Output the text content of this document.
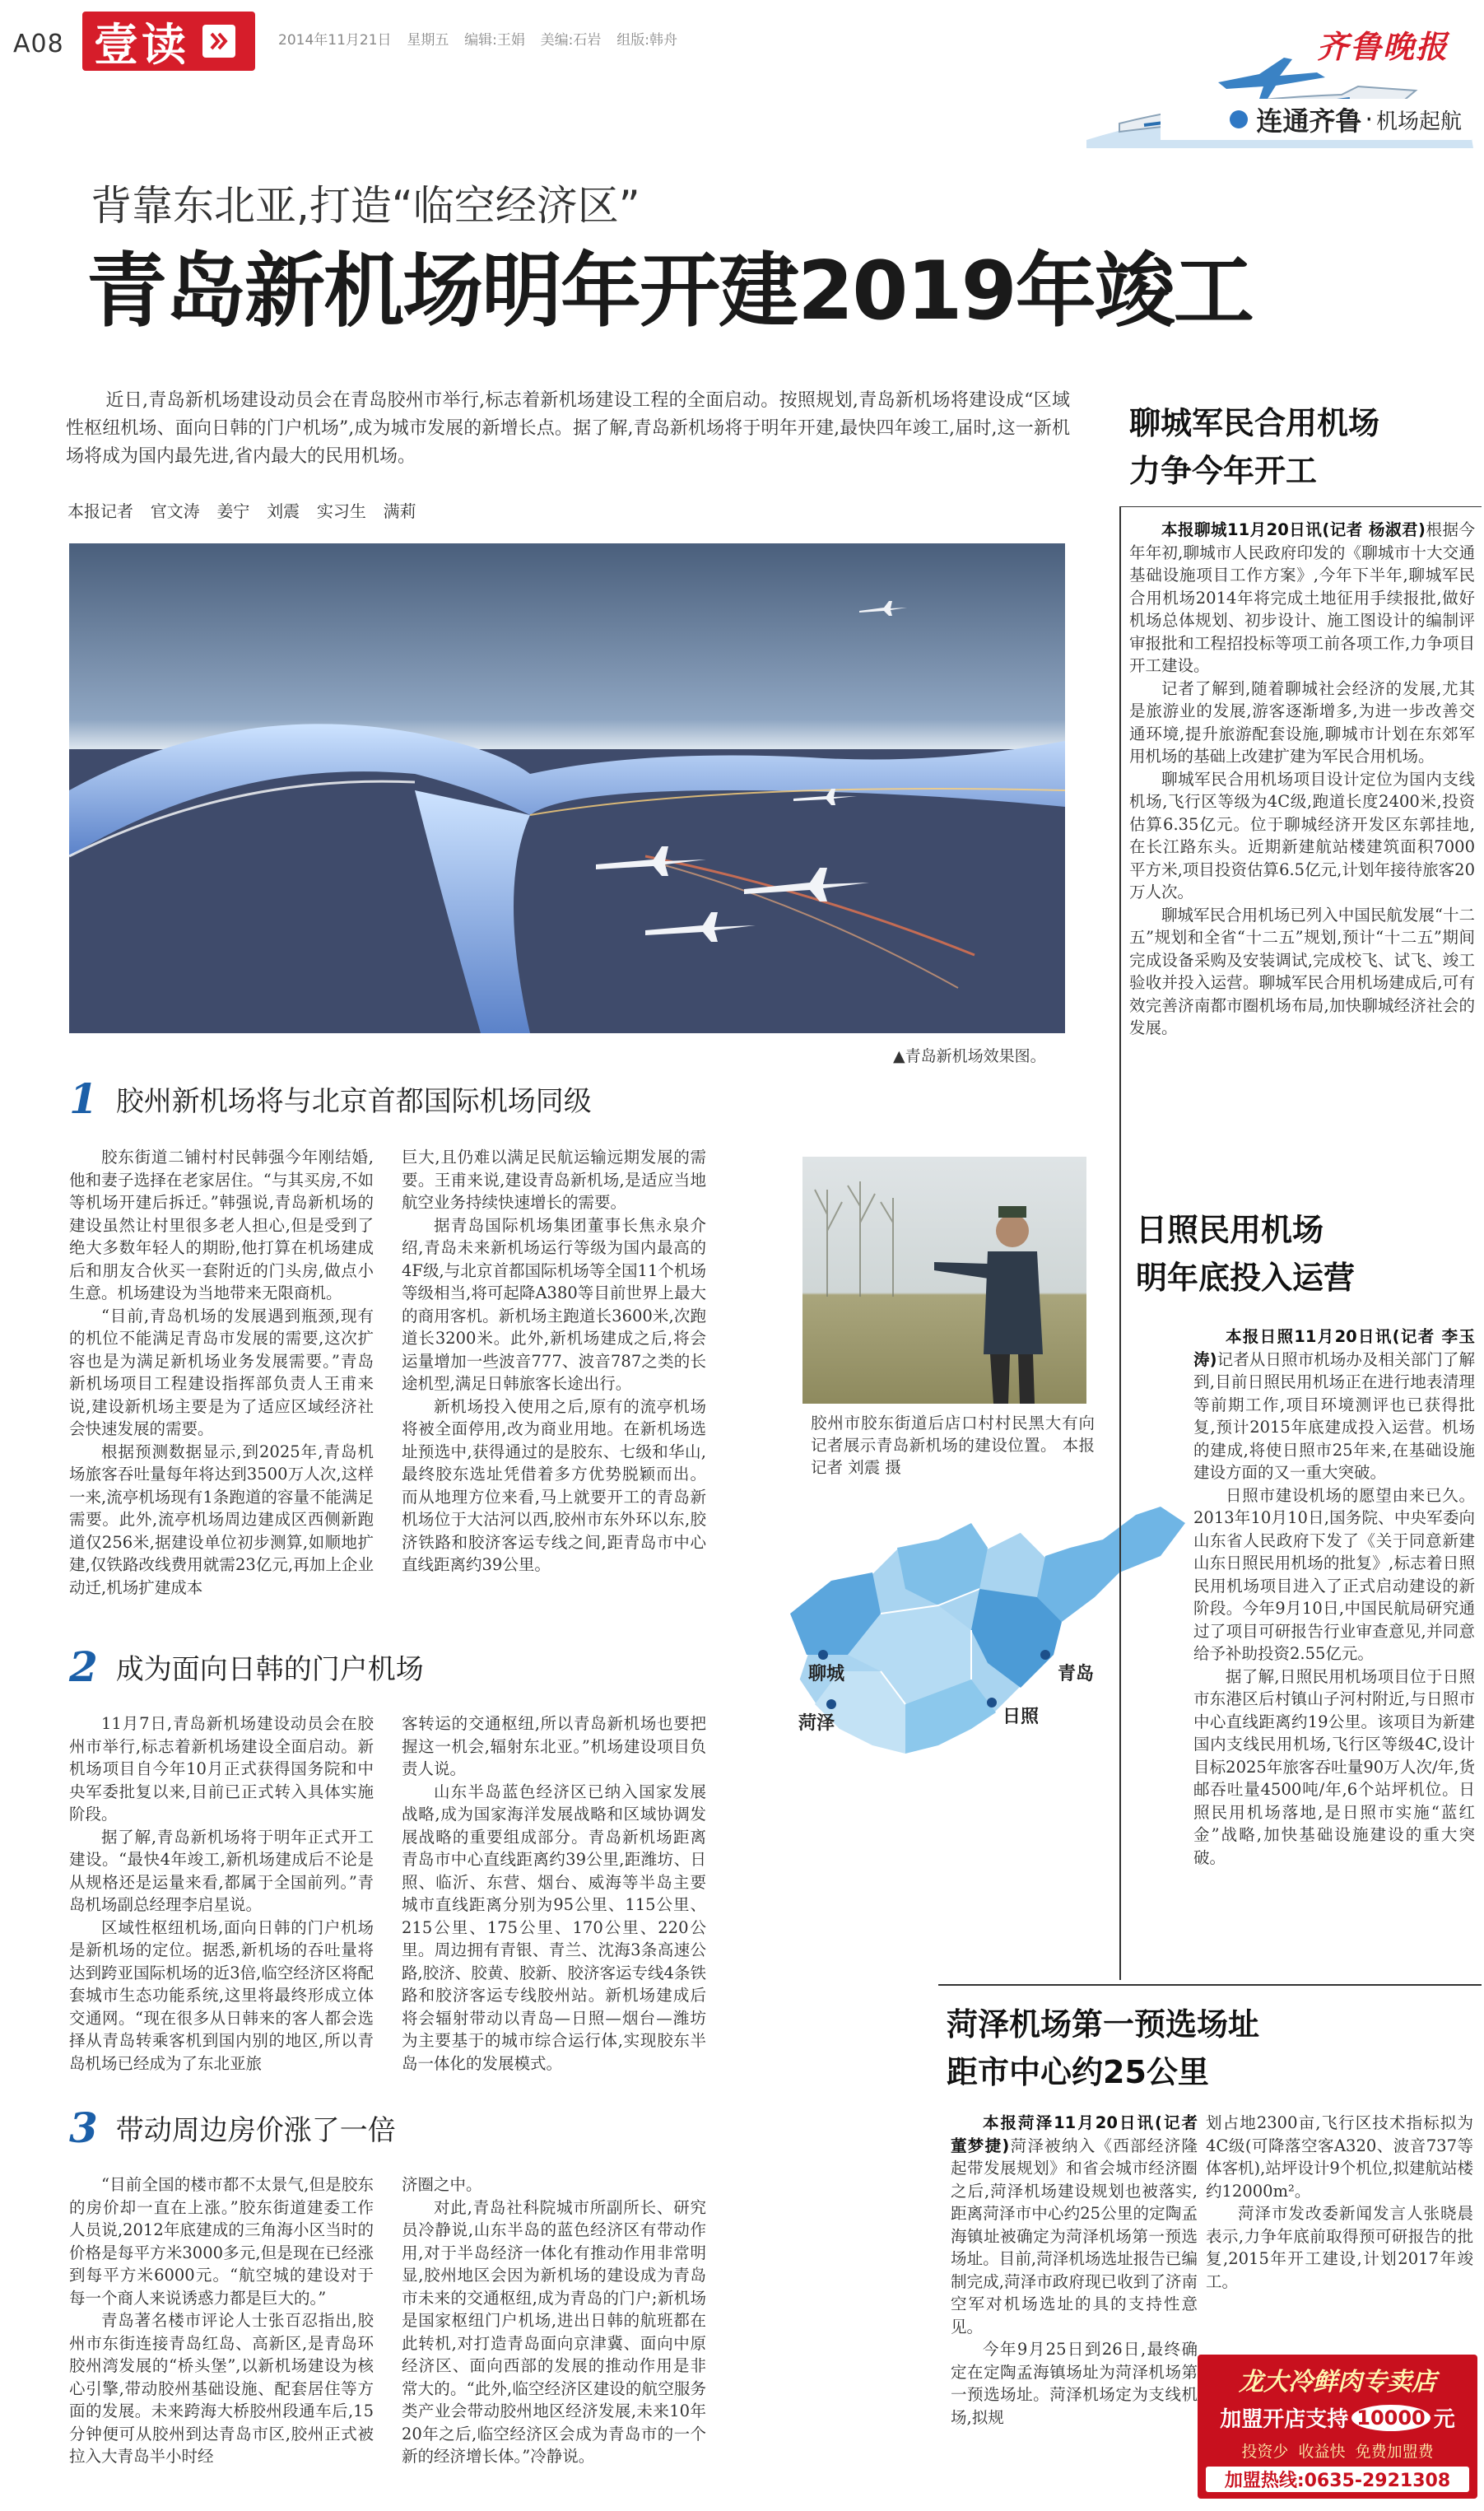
A08 壹读	2014年11月21日  星期五  编辑:王娟  美编:石岩  组版:韩舟	齐鲁晚报
连通齐鲁 · 机场起航
背靠东北亚,打造“临空经济区”
青岛新机场明年开建2019年竣工
近日,青岛新机场建设动员会在青岛胶州市举行,标志着新机场建设工程的全面启动。按照规划,青岛新机场将建设成“区域性枢纽机场、面向日韩的门户机场”,成为城市发展的新增长点。据了解,青岛新机场将于明年开建,最快四年竣工,届时,这一新机场将成为国内最先进,省内最大的民用机场。
本报记者  官文涛  姜宁  刘震  实习生  满莉
▲青岛新机场效果图。
1 胶州新机场将与北京首都国际机场同级

胶东街道二铺村村民韩强今年刚结婚,他和妻子选择在老家居住。“与其买房,不如等机场开建后拆迁。”韩强说,青岛新机场的建设虽然让村里很多老人担心,但是受到了绝大多数年轻人的期盼,他打算在机场建成后和朋友合伙买一套附近的门头房,做点小生意。机场建设为当地带来无限商机。

“目前,青岛机场的发展遇到瓶颈,现有的机位不能满足青岛市发展的需要,这次扩容也是为满足新机场业务发展需要。”青岛新机场项目工程建设指挥部负责人王甫来说,建设新机场主要是为了适应区域经济社会快速发展的需要。

根据预测数据显示,到2025年,青岛机场旅客吞吐量每年将达到3500万人次,这样一来,流亭机场现有1条跑道的容量不能满足需要。此外,流亭机场周边建成区西侧新跑道仅256米,据建设单位初步测算,如顺地扩建,仅铁路改线费用就需23亿元,再加上企业动迁,机场扩建成本

巨大,且仍难以满足民航运输远期发展的需要。王甫来说,建设青岛新机场,是适应当地航空业务持续快速增长的需要。

据青岛国际机场集团董事长焦永泉介绍,青岛未来新机场运行等级为国内最高的4F级,与北京首都国际机场等全国11个机场等级相当,将可起降A380等目前世界上最大的商用客机。新机场主跑道长3600米,次跑道长3200米。此外,新机场建成之后,将会运量增加一些波音777、波音787之类的长途机型,满足日韩旅客长途出行。

新机场投入使用之后,原有的流亭机场将被全面停用,改为商业用地。在新机场选址预选中,获得通过的是胶东、七级和华山,最终胶东选址凭借着多方优势脱颖而出。而从地理方位来看,马上就要开工的青岛新机场位于大沽河以西,胶州市东外环以东,胶济铁路和胶济客运专线之间,距青岛市中心直线距离约39公里。

2 成为面向日韩的门户机场

11月7日,青岛新机场建设动员会在胶州市举行,标志着新机场建设全面启动。新机场项目自今年10月正式获得国务院和中央军委批复以来,目前已正式转入具体实施阶段。

据了解,青岛新机场将于明年正式开工建设。“最快4年竣工,新机场建成后不论是从规格还是运量来看,都属于全国前列。”青岛机场副总经理李启星说。

区域性枢纽机场,面向日韩的门户机场是新机场的定位。据悉,新机场的吞吐量将达到跨亚国际机场的近3倍,临空经济区将配套城市生态功能系统,这里将最终形成立体交通网。“现在很多从日韩来的客人都会选择从青岛转乘客机到国内别的地区,所以青岛机场已经成为了东北亚旅

客转运的交通枢纽,所以青岛新机场也要把握这一机会,辐射东北亚。”机场建设项目负责人说。

山东半岛蓝色经济区已纳入国家发展战略,成为国家海洋发展战略和区域协调发展战略的重要组成部分。青岛新机场距离青岛市中心直线距离约39公里,距潍坊、日照、临沂、东营、烟台、威海等半岛主要城市直线距离分别为95公里、115公里、215公里、175公里、170公里、220公里。周边拥有青银、青兰、沈海3条高速公路,胶济、胶黄、胶新、胶济客运专线4条铁路和胶济客运专线胶州站。新机场建成后将会辐射带动以青岛—日照—烟台—潍坊为主要基于的城市综合运行体,实现胶东半岛一体化的发展模式。

3 带动周边房价涨了一倍

“目前全国的楼市都不太景气,但是胶东的房价却一直在上涨。”胶东街道建委工作人员说,2012年底建成的三角海小区当时的价格是每平方米3000多元,但是现在已经涨到每平方米6000元。“航空城的建设对于每一个商人来说诱惑力都是巨大的。”

青岛著名楼市评论人士张百忍指出,胶州市东街连接青岛红岛、高新区,是青岛环胶州湾发展的“桥头堡”,以新机场建设为核心引擎,带动胶州基础设施、配套居住等方面的发展。未来跨海大桥胶州段通车后,15分钟便可从胶州到达青岛市区,胶州正式被拉入大青岛半小时经

济圈之中。

对此,青岛社科院城市所副所长、研究员冷静说,山东半岛的蓝色经济区有带动作用,对于半岛经济一体化有推动作用非常明显,胶州地区会因为新机场的建设成为青岛市未来的交通枢纽,成为青岛的门户;新机场是国家枢纽门户机场,进出日韩的航班都在此转机,对打造青岛面向京津冀、面向中原经济区、面向西部的发展的推动作用是非常大的。“此外,临空经济区建设的航空服务类产业会带动胶州地区经济发展,未来10年20年之后,临空经济区会成为青岛市的一个新的经济增长体。”冷静说。

胶州市胶东街道后店口村村民黑大有向记者展示青岛新机场的建设位置。 本报记者 刘震 摄
聊城	青岛
菏泽	日照
聊城军民合用机场
力争今年开工

本报聊城11月20日讯(记者 杨淑君)根据今年年初,聊城市人民政府印发的《聊城市十大交通基础设施项目工作方案》,今年下半年,聊城军民合用机场2014年将完成土地征用手续报批,做好机场总体规划、初步设计、施工图设计的编制评审报批和工程招投标等项工前各项工作,力争项目开工建设。

记者了解到,随着聊城社会经济的发展,尤其是旅游业的发展,游客逐渐增多,为进一步改善交通环境,提升旅游配套设施,聊城市计划在东郊军用机场的基础上改建扩建为军民合用机场。

聊城军民合用机场项目设计定位为国内支线机场,飞行区等级为4C级,跑道长度2400米,投资估算6.35亿元。位于聊城经济开发区东郭挂地,在长江路东头。近期新建航站楼建筑面积7000平方米,项目投资估算6.5亿元,计划年接待旅客20万人次。

聊城军民合用机场已列入中国民航发展“十二五”规划和全省“十二五”规划,预计“十二五”期间完成设备采购及安装调试,完成校飞、试飞、竣工验收并投入运营。聊城军民合用机场建成后,可有效完善济南都市圈机场布局,加快聊城经济社会的发展。

日照民用机场
明年底投入运营

本报日照11月20日讯(记者 李玉涛)记者从日照市机场办及相关部门了解到,目前日照民用机场正在进行地表清理等前期工作,项目环境测评也已获得批复,预计2015年底建成投入运营。机场的建成,将使日照市25年来,在基础设施建设方面的又一重大突破。

日照市建设机场的愿望由来已久。2013年10月10日,国务院、中央军委向山东省人民政府下发了《关于同意新建山东日照民用机场的批复》,标志着日照民用机场项目进入了正式启动建设的新阶段。今年9月10日,中国民航局研究通过了项目可研报告行业审查意见,并同意给予补助投资2.55亿元。

据了解,日照民用机场项目位于日照市东港区后村镇山子河村附近,与日照市中心直线距离约19公里。该项目为新建国内支线民用机场,飞行区等级4C,设计目标2025年旅客吞吐量90万人次/年,货邮吞吐量4500吨/年,6个站坪机位。日照民用机场落地,是日照市实施“蓝红金”战略,加快基础设施建设的重大突破。

菏泽机场第一预选场址
距市中心约25公里

本报菏泽11月20日讯(记者 董梦捷)菏泽被纳入《西部经济隆起带发展规划》和省会城市经济圈之后,菏泽机场建设规划也被落实,距离菏泽市中心约25公里的定陶孟海镇址被确定为菏泽机场第一预选场址。目前,菏泽机场选址报告已编制完成,菏泽市政府现已收到了济南空军对机场选址的具的支持性意见。

今年9月25日到26日,最终确定在定陶孟海镇场址为菏泽机场第一预选场址。菏泽机场定为支线机场,拟规

划占地2300亩,飞行区技术指标拟为4C级(可降落空客A320、波音737等体客机),站坪设计9个机位,拟建航站楼约12000m²。

菏泽市发改委新闻发言人张晓晨表示,力争年底前取得预可研报告的批复,2015年开工建设,计划2017年竣工。

龙大冷鲜肉专卖店
加盟开店支持 10000 元
投资少  收益快  免费加盟费
加盟热线:0635-2921308
